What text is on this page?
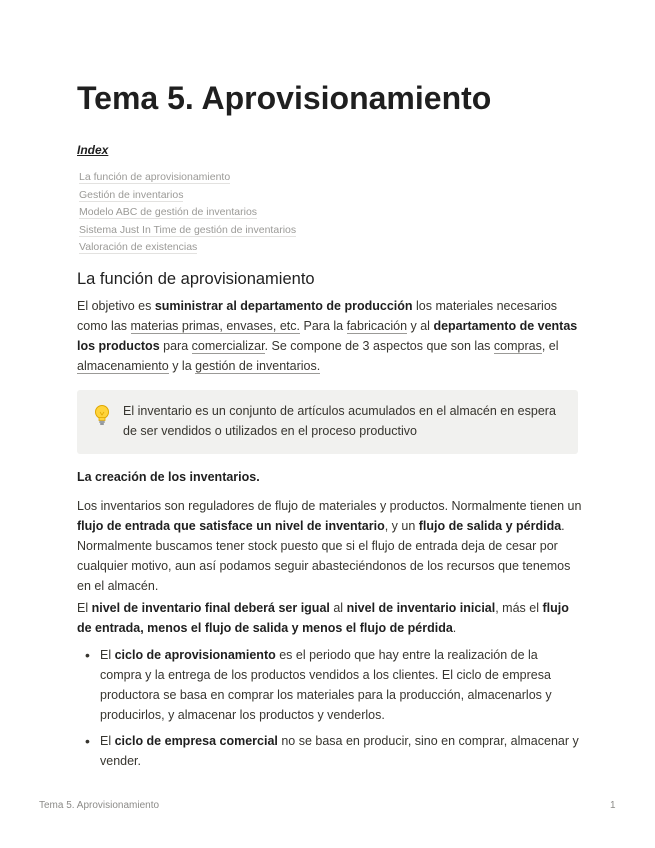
Tema 5. Aprovisionamiento

Index

La función de aprovisionamiento
Gestión de inventarios
Modelo ABC de gestión de inventarios
Sistema Just In Time de gestión de inventarios
Valoración de existencias
La función de aprovisionamiento

El objetivo es suministrar al departamento de producción los materiales necesarios como las materias primas, envases, etc. Para la fabricación y al departamento de ventas los productos para comercializar. Se compone de 3 aspectos que son las compras, el almacenamiento y la gestión de inventarios.

El inventario es un conjunto de artículos acumulados en el almacén en espera de ser vendidos o utilizados en el proceso productivo

La creación de los inventarios.

Los inventarios son reguladores de flujo de materiales y productos. Normalmente tienen un flujo de entrada que satisface un nivel de inventario, y un flujo de salida y pérdida. Normalmente buscamos tener stock puesto que si el flujo de entrada deja de cesar por cualquier motivo, aun así podamos seguir abasteciéndonos de los recursos que tenemos en el almacén.

El nivel de inventario final deberá ser igual al nivel de inventario inicial, más el flujo de entrada, menos el flujo de salida y menos el flujo de pérdida.

• El ciclo de aprovisionamiento es el periodo que hay entre la realización de la compra y la entrega de los productos vendidos a los clientes. El ciclo de empresa productora se basa en comprar los materiales para la producción, almacenarlos y producirlos, y almacenar los productos y venderlos.
• El ciclo de empresa comercial no se basa en producir, sino en comprar, almacenar y vender.
Tema 5. Aprovisionamiento	1
